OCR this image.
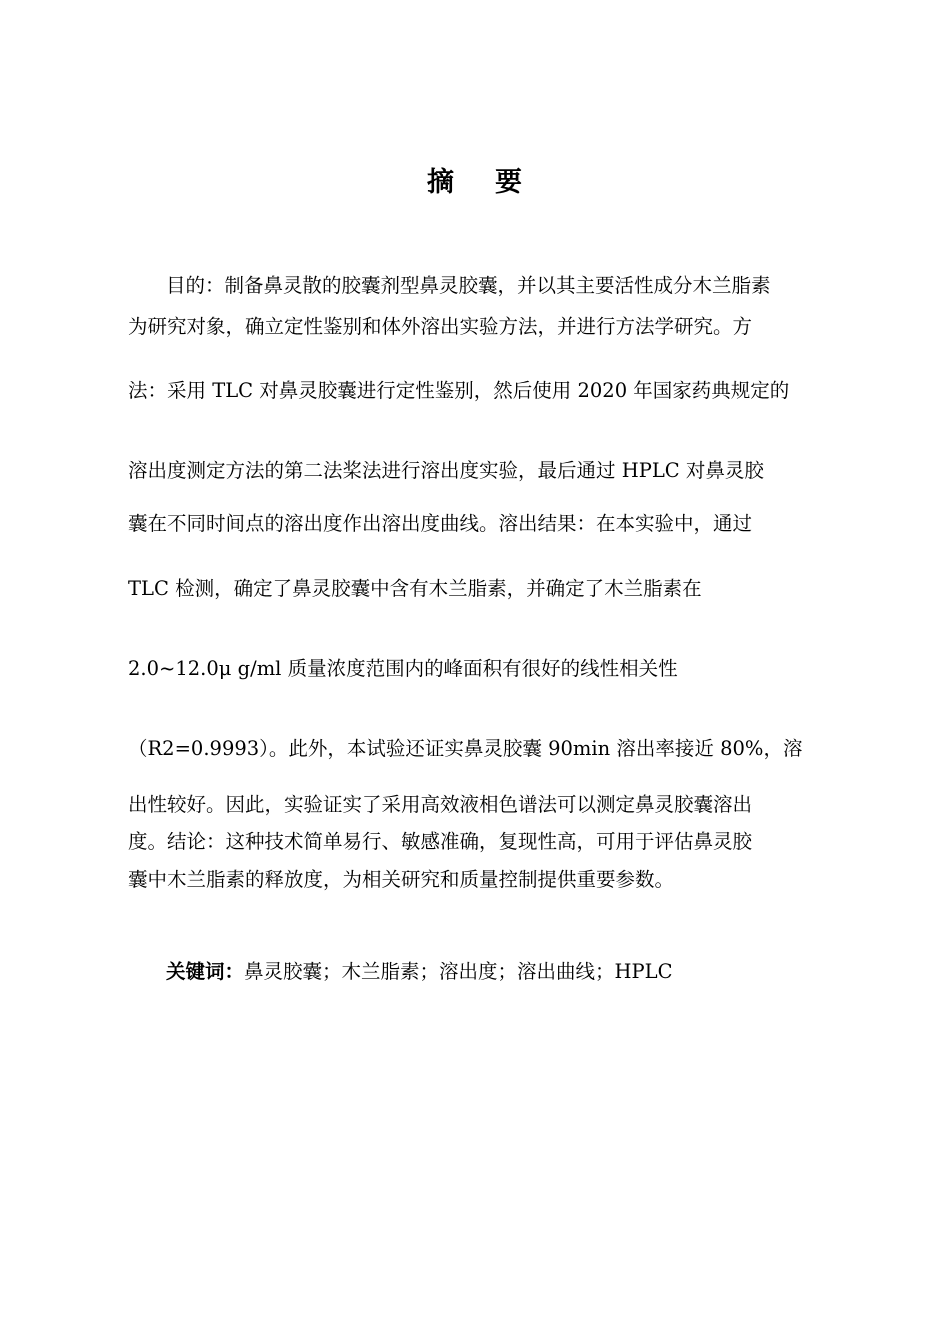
摘 要
目的：制备鼻灵散的胶囊剂型鼻灵胶囊，并以其主要活性成分木兰脂素
为研究对象，确立定性鉴别和体外溶出实验方法，并进行方法学研究。方
法：采用 TLC 对鼻灵胶囊进行定性鉴别，然后使用 2020 年国家药典规定的
溶出度测定方法的第二法桨法进行溶出度实验，最后通过 HPLC 对鼻灵胶
囊在不同时间点的溶出度作出溶出度曲线。溶出结果：在本实验中，通过
TLC 检测，确定了鼻灵胶囊中含有木兰脂素，并确定了木兰脂素在
2.0~12.0μ g/ml 质量浓度范围内的峰面积有很好的线性相关性
（R2=0.9993）。此外，本试验还证实鼻灵胶囊 90min 溶出率接近 80%，溶
出性较好。因此，实验证实了采用高效液相色谱法可以测定鼻灵胶囊溶出
度。结论：这种技术简单易行、敏感准确，复现性高，可用于评估鼻灵胶
囊中木兰脂素的释放度，为相关研究和质量控制提供重要参数。
关键词：鼻灵胶囊；木兰脂素；溶出度；溶出曲线；HPLC
